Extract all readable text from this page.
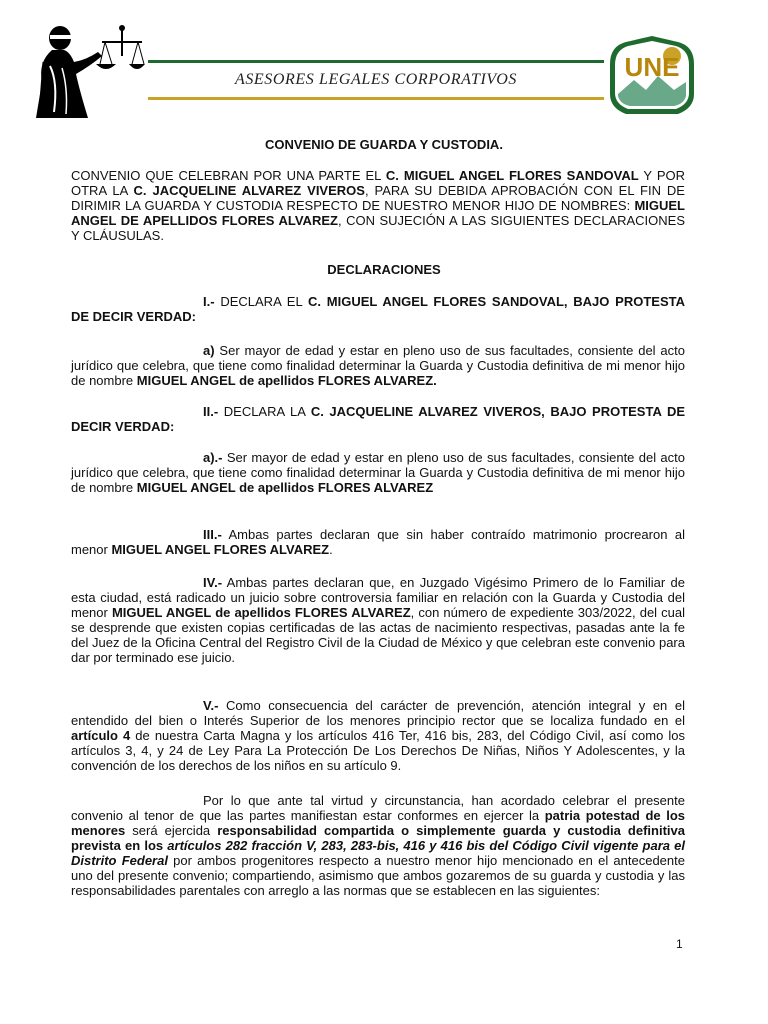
ASESORES LEGALES CORPORATIVOS	UNE
CONVENIO DE GUARDA Y CUSTODIA.
CONVENIO QUE CELEBRAN POR UNA PARTE EL C. MIGUEL ANGEL FLORES SANDOVAL Y POR OTRA LA C. JACQUELINE ALVAREZ VIVEROS, PARA SU DEBIDA APROBACIÓN CON EL FIN DE DIRIMIR LA GUARDA Y CUSTODIA RESPECTO DE NUESTRO MENOR HIJO DE NOMBRES: MIGUEL ANGEL DE APELLIDOS FLORES ALVAREZ, CON SUJECIÓN A LAS SIGUIENTES DECLARACIONES Y CLÁUSULAS.
DECLARACIONES
I.- DECLARA EL C. MIGUEL ANGEL FLORES SANDOVAL, BAJO PROTESTA DE DECIR VERDAD:
a) Ser mayor de edad y estar en pleno uso de sus facultades, consiente del acto jurídico que celebra, que tiene como finalidad determinar la Guarda y Custodia definitiva de mi menor hijo de nombre MIGUEL ANGEL de apellidos FLORES ALVAREZ.
II.- DECLARA LA C. JACQUELINE ALVAREZ VIVEROS, BAJO PROTESTA DE DECIR VERDAD:
a).- Ser mayor de edad y estar en pleno uso de sus facultades, consiente del acto jurídico que celebra, que tiene como finalidad determinar la Guarda y Custodia definitiva de mi menor hijo de nombre MIGUEL ANGEL de apellidos FLORES ALVAREZ
III.- Ambas partes declaran que sin haber contraído matrimonio procrearon al menor MIGUEL ANGEL FLORES ALVAREZ.
IV.- Ambas partes declaran que, en Juzgado Vigésimo Primero de lo Familiar de esta ciudad, está radicado un juicio sobre controversia familiar en relación con la Guarda y Custodia del menor MIGUEL ANGEL de apellidos FLORES ALVAREZ, con número de expediente 303/2022, del cual se desprende que existen copias certificadas de las actas de nacimiento respectivas, pasadas ante la fe del Juez de la Oficina Central del Registro Civil de la Ciudad de México y que celebran este convenio para dar por terminado ese juicio.
V.- Como consecuencia del carácter de prevención, atención integral y en el entendido del bien o Interés Superior de los menores principio rector que se localiza fundado en el artículo 4 de nuestra Carta Magna y los artículos 416 Ter, 416 bis, 283, del Código Civil, así como los artículos 3, 4, y 24 de Ley Para La Protección De Los Derechos De Niñas, Niños Y Adolescentes, y la convención de los derechos de los niños en su artículo 9.
Por lo que ante tal virtud y circunstancia, han acordado celebrar el presente convenio al tenor de que las partes manifiestan estar conformes en ejercer la patria potestad de los menores será ejercida responsabilidad compartida o simplemente guarda y custodia definitiva prevista en los artículos 282 fracción V, 283, 283-bis, 416 y 416 bis del Código Civil vigente para el Distrito Federal por ambos progenitores respecto a nuestro menor hijo mencionado en el antecedente uno del presente convenio; compartiendo, asimismo que ambos gozaremos de su guarda y custodia y las responsabilidades parentales con arreglo a las normas que se establecen en las siguientes:
1
